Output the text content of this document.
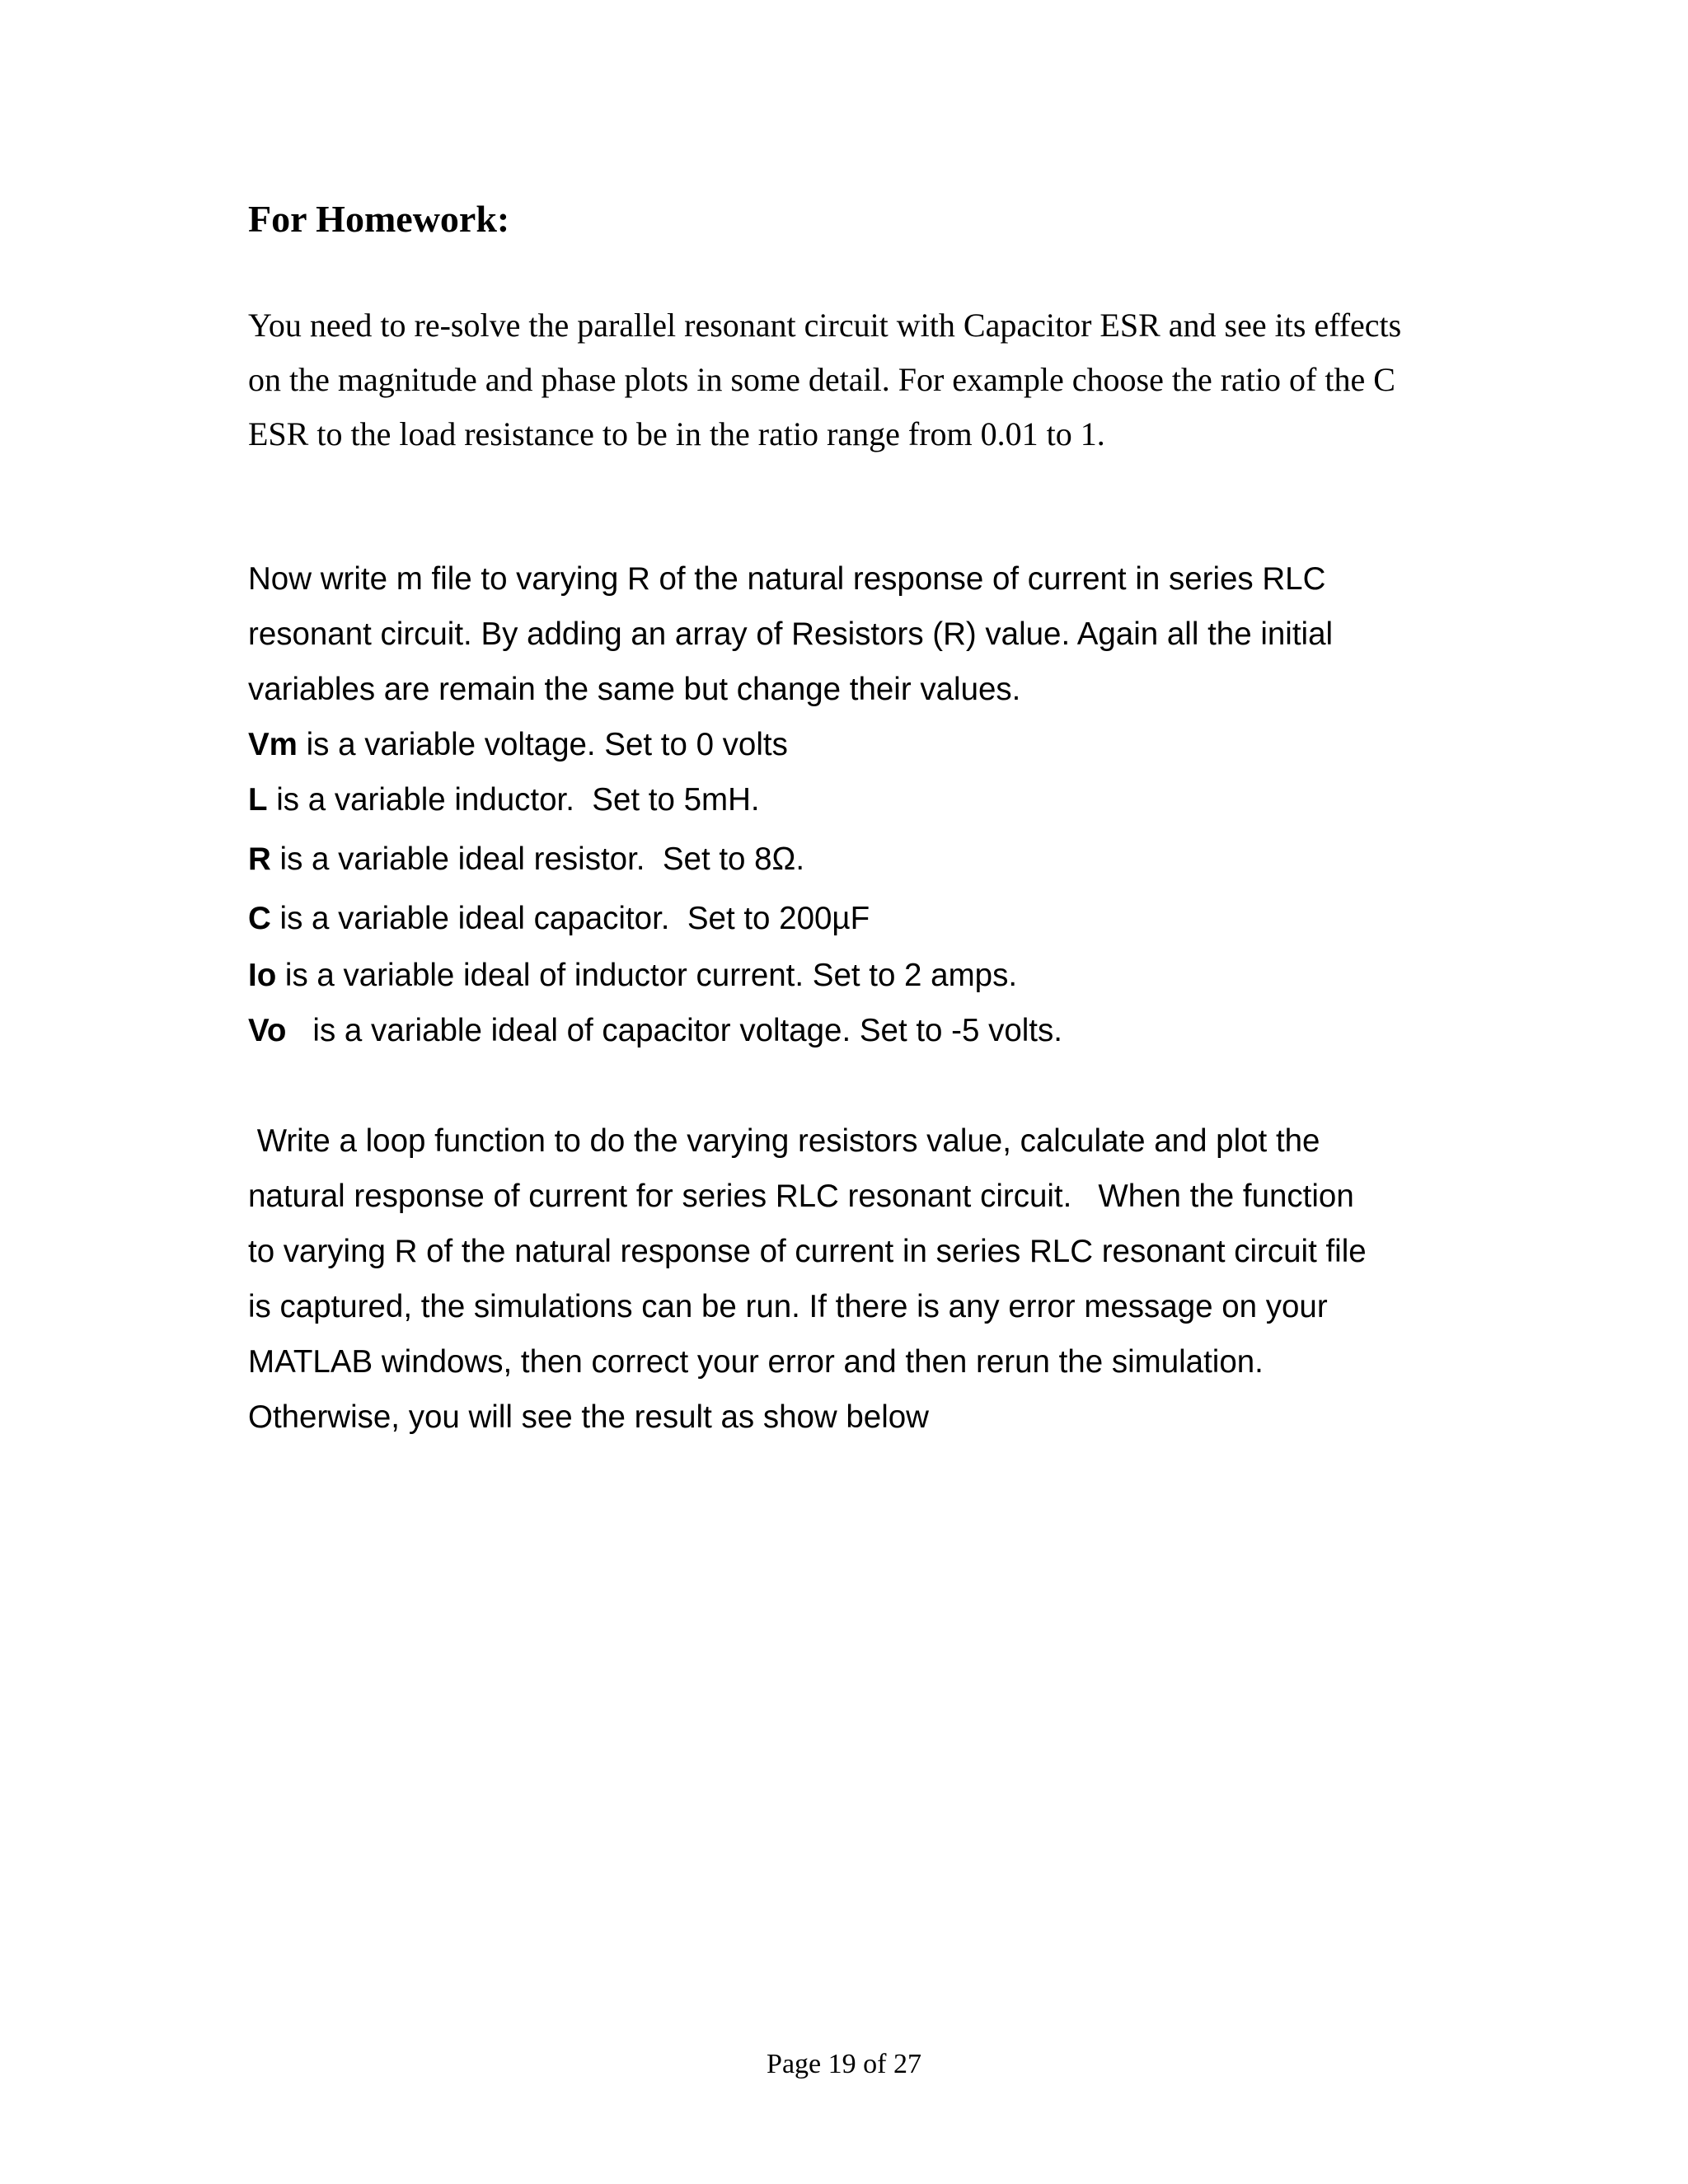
For Homework:

You need to re-solve the parallel resonant circuit with Capacitor ESR and see its effects

on the magnitude and phase plots in some detail. For example choose the ratio of the C

ESR to the load resistance to be in the ratio range from 0.01 to 1.

Now write m file to varying R of the natural response of current in series RLC

resonant circuit. By adding an array of Resistors (R) value. Again all the initial

variables are remain the same but change their values.

Vm is a variable voltage. Set to 0 volts

L is a variable inductor.  Set to 5mH.

R is a variable ideal resistor.  Set to 8Ω.

C is a variable ideal capacitor.  Set to 200µF

Io is a variable ideal of inductor current. Set to 2 amps.

Vo   is a variable ideal of capacitor voltage. Set to -5 volts.

Write a loop function to do the varying resistors value, calculate and plot the

natural response of current for series RLC resonant circuit.   When the function

to varying R of the natural response of current in series RLC resonant circuit file

is captured, the simulations can be run. If there is any error message on your

MATLAB windows, then correct your error and then rerun the simulation.

Otherwise, you will see the result as show below

Page 19 of 27
